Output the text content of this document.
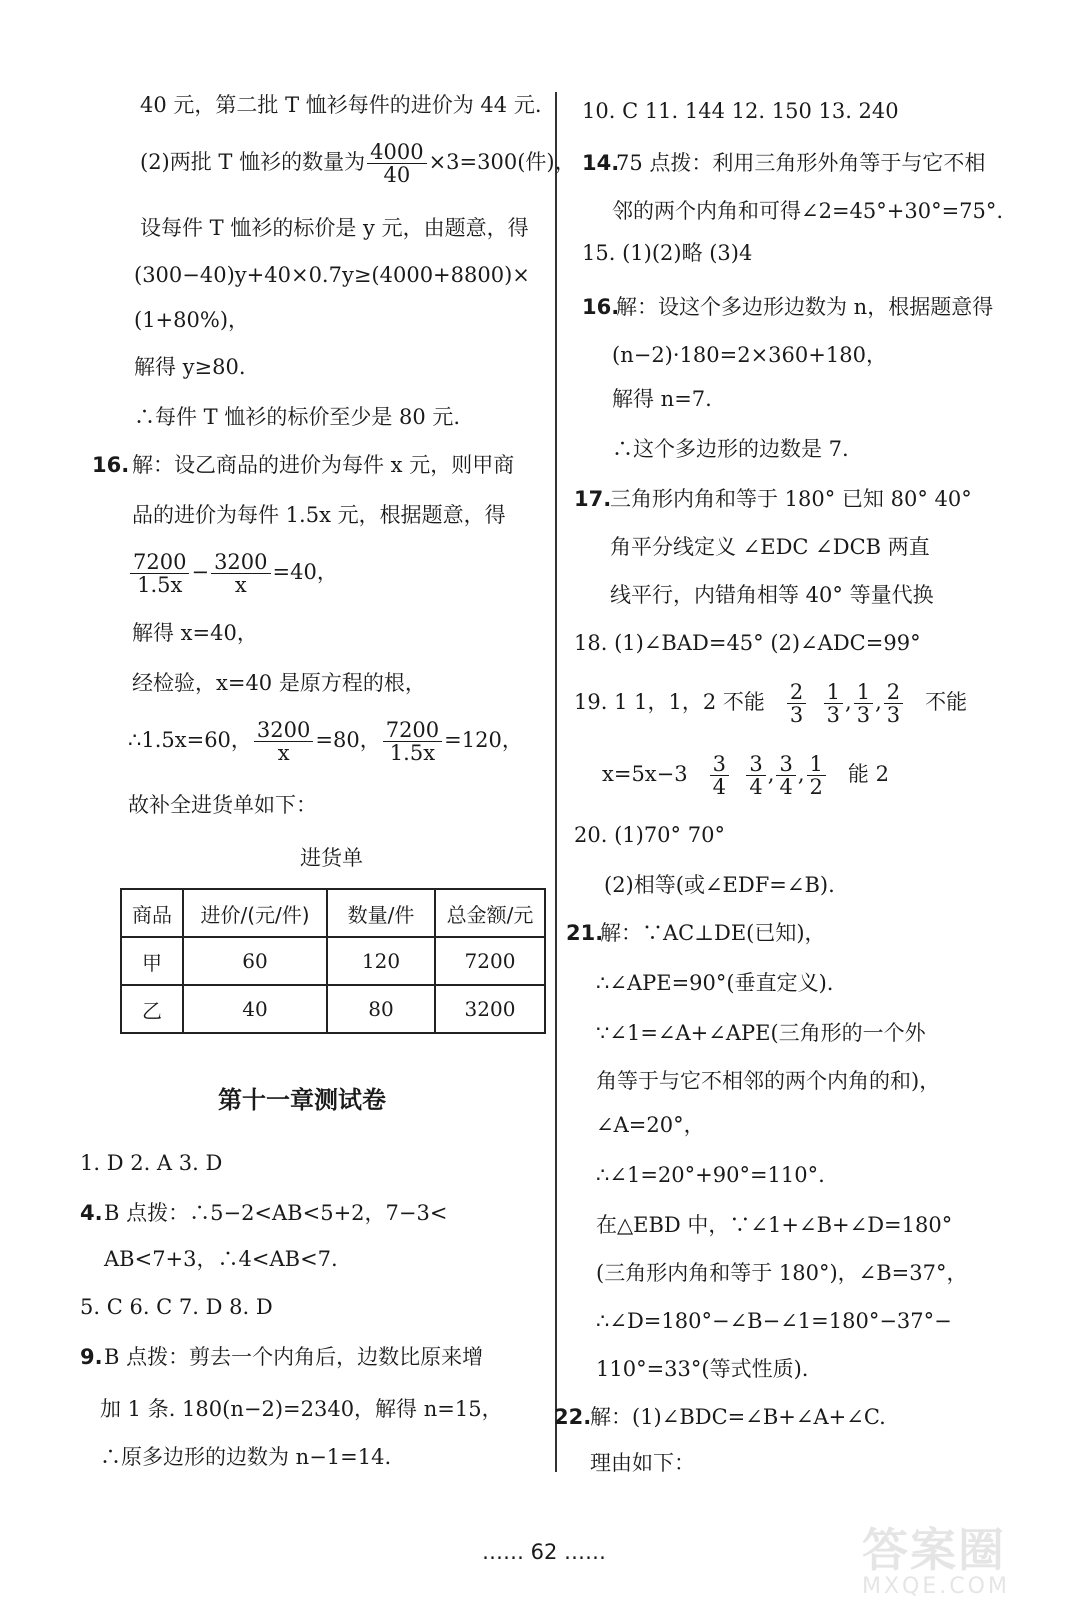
40 元，第二批 T 恤衫每件的进价为 44 元.
(2)两批 T 恤衫的数量为 $\frac{4000}{40} \times 3=300$(件)，
设每件 T 恤衫的标价是 y 元，由题意，得
(300−40)y+40×0.7y≥(4000+8800)×
(1+80%)，
解得 y≥80.
∴每件 T 恤衫的标价至少是 80 元.
16. 解：设乙商品的进价为每件 x 元，则甲商
品的进价为每件 1.5x 元，根据题意，得
$\frac{7200}{1.5x} - \frac{3200}{x} =40$，
解得 x=40，
经检验，x=40 是原方程的根，
∴1.5x=60， $\frac{3200}{x} =80$， $\frac{7200}{1.5x} =120$，
故补全进货单如下：
进货单
商品	进价/(元/件)	数量/件	总金额/元
甲	60	120	7200
乙	40	80	3200
第十一章测试卷
1. D 2. A 3. D
4. B 点拨：∴5−2<AB<5+2，7−3<
AB<7+3，∴4<AB<7.
5. C 6. C 7. D 8. D
9. B 点拨：剪去一个内角后，边数比原来增
加 1 条. 180(n−2)=2340，解得 n=15，
∴原多边形的边数为 n−1=14.
10. C 11. 144 12. 150 13. 240
14.
75 点拨：利用三角形外角等于与它不相
邻的两个内角和可得∠2=45°+30°=75°.
15. (1)(2)略 (3)4
16.
解：设这个多边形边数为 n，根据题意得
(n−2)·180=2×360+180，
解得 n=7.
∴这个多边形的边数是 7.
17.
三角形内角和等于 180° 已知 80° 40°
角平分线定义 ∠EDC ∠DCB 两直
线平行，内错角相等 40° 等量代换
18. (1)∠BAD=45° (2)∠ADC=99°
19. 1 1，1，2 不能 $\frac{2}{3}$
$\frac{1}{3}$ , $\frac{1}{3}$ , $\frac{2}{3}$ 不能
$x=5x-3 \frac{3}{4}$
$\frac{3}{4}$ , $\frac{3}{4}$ , $\frac{1}{2}$ 能 2
20. (1)70° 70°
(2)相等(或∠EDF=∠B).
21.
解：∵AC⊥DE(已知)，
∴∠APE=90°(垂直定义).
∵∠1=∠A+∠APE(三角形的一个外
角等于与它不相邻的两个内角的和)，
∠A=20°，
∴∠1=20°+90°=110°.
在△EBD 中，∵∠1+∠B+∠D=180°
(三角形内角和等于 180°)，∠B=37°，
∴∠D=180°−∠B−∠1=180°−37°−
110°=33°(等式性质).
22.
解：(1)∠BDC=∠B+∠A+∠C.
理由如下：
…… 62 ……	答案圈
MXQE.COM
